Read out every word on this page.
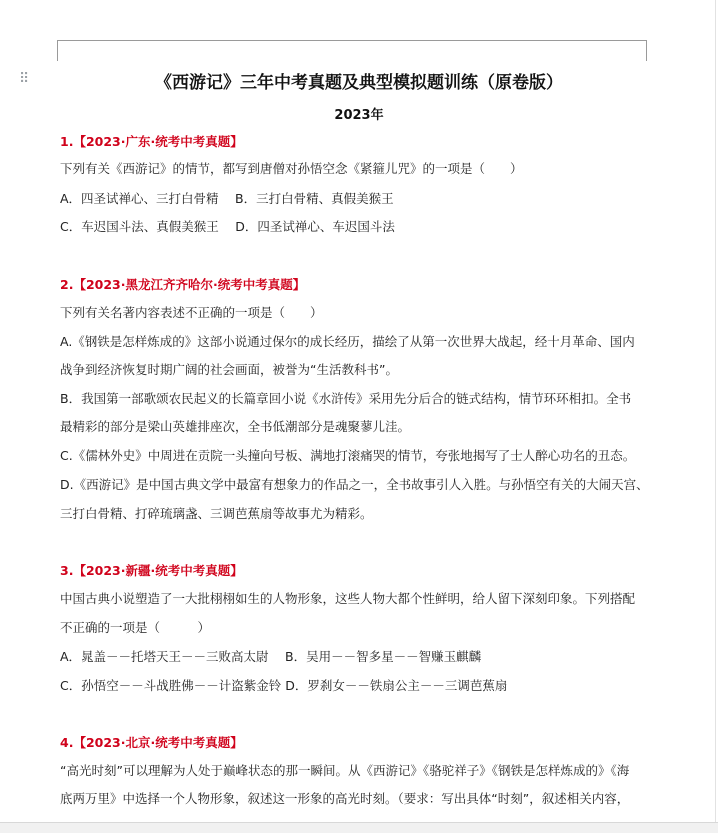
⠿	《西游记》三年中考真题及典型模拟题训练（原卷版）
2023年
1.【2023·广东·统考中考真题】
下列有关《西游记》的情节，都写到唐僧对孙悟空念《紧箍儿咒》的一项是（　　）
A．四圣试禅心、三打白骨精　 B．三打白骨精、真假美猴王
C．车迟国斗法、真假美猴王　 D．四圣试禅心、车迟国斗法
2.【2023·黑龙江齐齐哈尔·统考中考真题】
下列有关名著内容表述不正确的一项是（　　）
A.《钢铁是怎样炼成的》这部小说通过保尔的成长经历，描绘了从第一次世界大战起，经十月革命、国内
战争到经济恢复时期广阔的社会画面，被誉为“生活教科书”。
B．我国第一部歌颂农民起义的长篇章回小说《水浒传》采用先分后合的链式结构，情节环环相扣。全书
最精彩的部分是梁山英雄排座次，全书低潮部分是魂聚蓼儿洼。
C.《儒林外史》中周进在贡院一头撞向号板、满地打滚痛哭的情节，夸张地揭写了士人醉心功名的丑态。
D.《西游记》是中国古典文学中最富有想象力的作品之一，全书故事引人入胜。与孙悟空有关的大闹天宫、
三打白骨精、打碎琉璃盏、三调芭蕉扇等故事尤为精彩。
3.【2023·新疆·统考中考真题】
中国古典小说塑造了一大批栩栩如生的人物形象，这些人物大都个性鲜明，给人留下深刻印象。下列搭配
不正确的一项是（　　　）
A．晁盖－－托塔天王－－三败高太尉　 B．吴用－－智多星－－智赚玉麒麟
C．孙悟空－－斗战胜佛－－计盗紫金铃 D．罗刹女－－铁扇公主－－三调芭蕉扇
4.【2023·北京·统考中考真题】
“高光时刻”可以理解为人处于巅峰状态的那一瞬间。从《西游记》《骆驼祥子》《钢铁是怎样炼成的》《海
底两万里》中选择一个人物形象，叙述这一形象的高光时刻。（要求：写出具体“时刻”，叙述相关内容，
